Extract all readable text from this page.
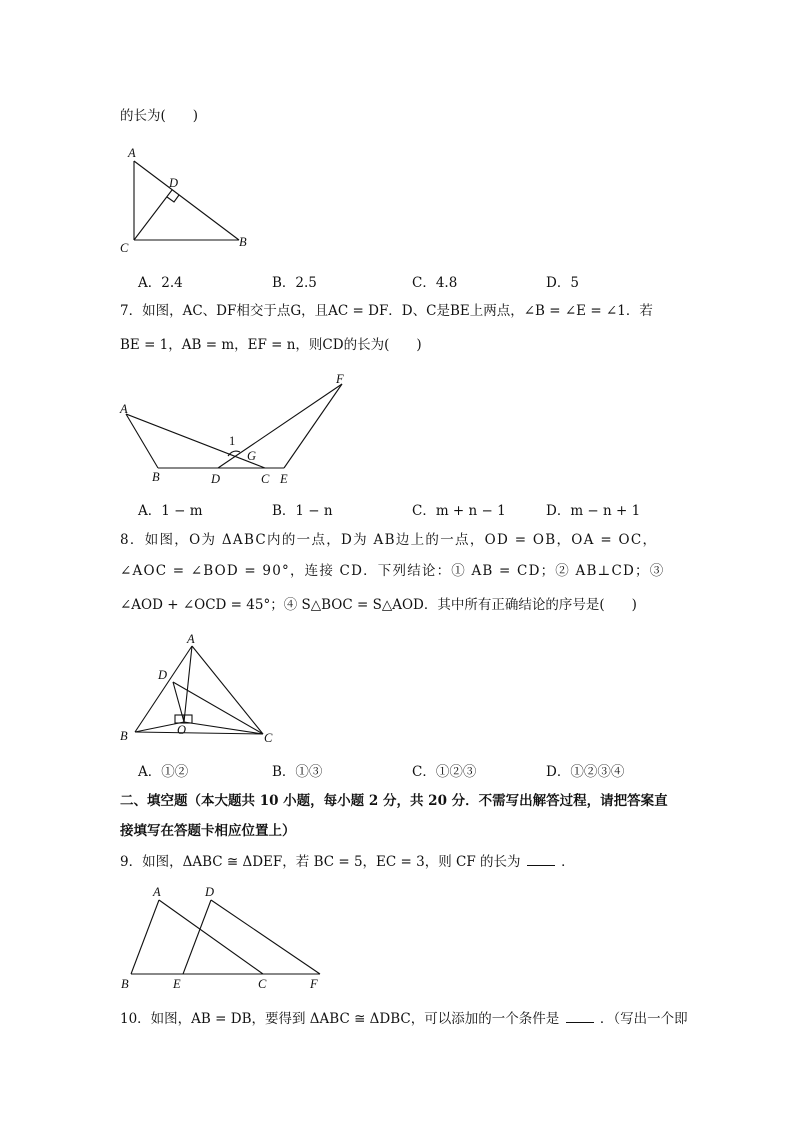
的长为(　　)
A
D
C	B
A．2.4	B．2.5	C．4.8	D．5
7．如图，AC、DF相交于点G，且AC = DF．D、C是BE上两点，∠B = ∠E = ∠1．若
BE = 1，AB = m，EF = n，则CD的长为(　　)
A
F
1
G
B	D	C E
A．1 − m	B．1 − n	C．m + n − 1	D．m − n + 1
8．如图，O为 ΔABC内的一点，D为 AB边上的一点，OD = OB，OA = OC，
∠AOC = ∠BOD = 90°，连接 CD．下列结论：① AB = CD；② AB⊥CD；③
∠AOD + ∠OCD = 45°；④ S△BOC = S△AOD．其中所有正确结论的序号是(　　)
A
D
B	O
C
A．①②	B．①③	C．①②③	D．①②③④
二、填空题（本大题共 10 小题，每小题 2 分，共 20 分．不需写出解答过程，请把答案直
接填写在答题卡相应位置上）
9．如图，ΔABC ≅ ΔDEF，若 BC = 5，EC = 3，则 CF 的长为	．
A	D
B	E	C	F
10．如图，AB = DB，要得到 ΔABC ≅ ΔDBC，可以添加的一个条件是	．（写出一个即
